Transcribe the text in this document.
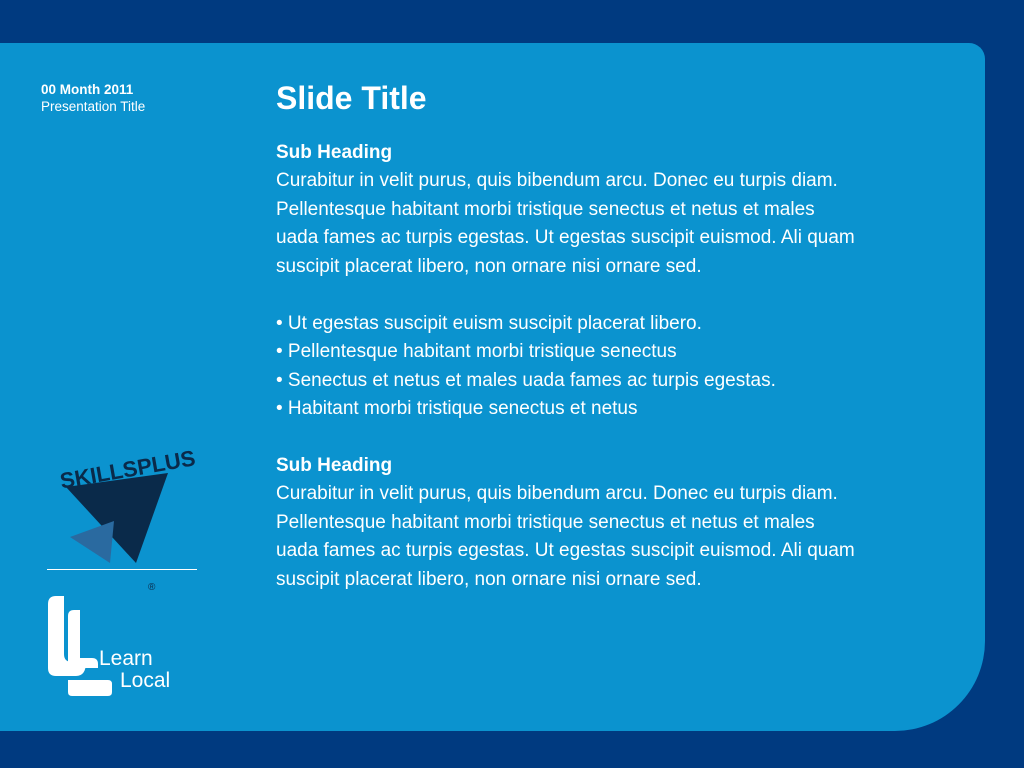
00 Month 2011
Presentation Title	Slide Title
Sub Heading
Curabitur in velit purus, quis bibendum arcu. Donec eu turpis diam.
Pellentesque habitant morbi tristique senectus et netus et males
uada fames ac turpis egestas. Ut egestas suscipit euismod. Ali quam
suscipit placerat libero, non ornare nisi ornare sed.
• Ut egestas suscipit euism suscipit placerat libero.
• Pellentesque habitant morbi tristique senectus
• Senectus et netus et males uada fames ac turpis egestas.
• Habitant morbi tristique senectus et netus
Sub Heading
Curabitur in velit purus, quis bibendum arcu. Donec eu turpis diam.
Pellentesque habitant morbi tristique senectus et netus et males
uada fames ac turpis egestas. Ut egestas suscipit euismod. Ali quam
suscipit placerat libero, non ornare nisi ornare sed.
SKILLSPLUS
®
Learn
Local
